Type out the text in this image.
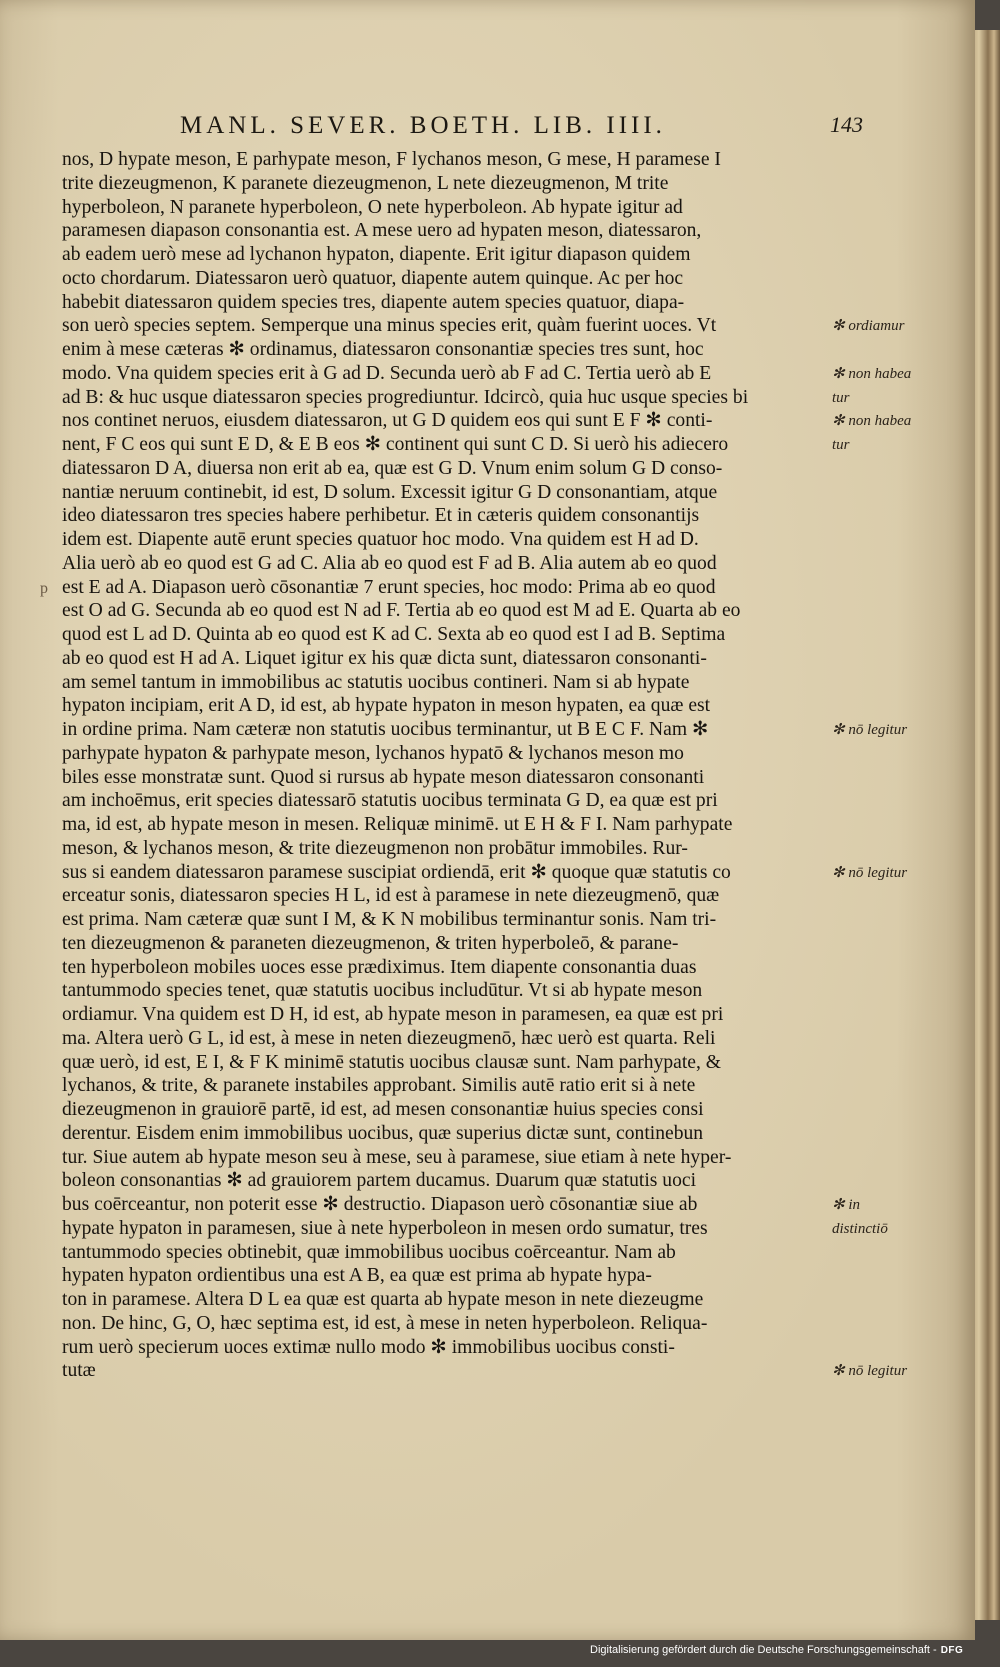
MANL. SEVER. BOETH. LIB. IIII.	143
p
nos, D hypate meson, E parhypate meson, F lychanos meson, G mese, H paramese I
trite diezeugmenon, K paranete diezeugmenon, L nete diezeugmenon, M trite
hyperboleon, N paranete hyperboleon, O nete hyperboleon. Ab hypate igitur ad
paramesen diapason consonantia est. A mese uero ad hypaten meson, diatessaron,
ab eadem uerò mese ad lychanon hypaton, diapente. Erit igitur diapason quidem
octo chordarum. Diatessaron uerò quatuor, diapente autem quinque. Ac per hoc
habebit diatessaron quidem species tres, diapente autem species quatuor, diapa-
son uerò species septem. Semperque una minus species erit, quàm fuerint uoces. Vt
enim à mese cæteras ✻ ordinamus, diatessaron consonantiæ species tres sunt, hoc
modo. Vna quidem species erit à G ad D. Secunda uerò ab F ad C. Tertia uerò ab E
ad B: & huc usque diatessaron species progrediuntur. Idcircò, quia huc usque species bi
nos continet neruos, eiusdem diatessaron, ut G D quidem eos qui sunt E F ✻ conti-
nent, F C eos qui sunt E D, & E B eos ✻ continent qui sunt C D. Si uerò his adiecero
diatessaron D A, diuersa non erit ab ea, quæ est G D. Vnum enim solum G D conso-
nantiæ neruum continebit, id est, D solum. Excessit igitur G D consonantiam, atque
ideo diatessaron tres species habere perhibetur. Et in cæteris quidem consonantijs
idem est. Diapente autē erunt species quatuor hoc modo. Vna quidem est H ad D.
Alia uerò ab eo quod est G ad C. Alia ab eo quod est F ad B. Alia autem ab eo quod
est E ad A. Diapason uerò cōsonantiæ 7 erunt species, hoc modo: Prima ab eo quod
est O ad G. Secunda ab eo quod est N ad F. Tertia ab eo quod est M ad E. Quarta ab eo
quod est L ad D. Quinta ab eo quod est K ad C. Sexta ab eo quod est I ad B. Septima
ab eo quod est H ad A. Liquet igitur ex his quæ dicta sunt, diatessaron consonanti-
am semel tantum in immobilibus ac statutis uocibus contineri. Nam si ab hypate
hypaton incipiam, erit A D, id est, ab hypate hypaton in meson hypaten, ea quæ est
in ordine prima. Nam cæteræ non statutis uocibus terminantur, ut B E C F. Nam ✻
parhypate hypaton & parhypate meson, lychanos hypatō & lychanos meson mo
biles esse monstratæ sunt. Quod si rursus ab hypate meson diatessaron consonanti
am inchoēmus, erit species diatessarō statutis uocibus terminata G D, ea quæ est pri
ma, id est, ab hypate meson in mesen. Reliquæ minimē. ut E H & F I. Nam parhypate
meson, & lychanos meson, & trite diezeugmenon non probātur immobiles. Rur-
sus si eandem diatessaron paramese suscipiat ordiendā, erit ✻ quoque quæ statutis co
erceatur sonis, diatessaron species H L, id est à paramese in nete diezeugmenō, quæ
est prima. Nam cæteræ quæ sunt I M, & K N mobilibus terminantur sonis. Nam tri-
ten diezeugmenon & paraneten diezeugmenon, & triten hyperboleō, & parane-
ten hyperboleon mobiles uoces esse prædiximus. Item diapente consonantia duas
tantummodo species tenet, quæ statutis uocibus includūtur. Vt si ab hypate meson
ordiamur. Vna quidem est D H, id est, ab hypate meson in paramesen, ea quæ est pri
ma. Altera uerò G L, id est, à mese in neten diezeugmenō, hæc uerò est quarta. Reli
quæ uerò, id est, E I, & F K minimē statutis uocibus clausæ sunt. Nam parhypate, &
lychanos, & trite, & paranete instabiles approbant. Similis autē ratio erit si à nete
diezeugmenon in grauiorē partē, id est, ad mesen consonantiæ huius species consi
derentur. Eisdem enim immobilibus uocibus, quæ superius dictæ sunt, continebun
tur. Siue autem ab hypate meson seu à mese, seu à paramese, siue etiam à nete hyper-
boleon consonantias ✻ ad grauiorem partem ducamus. Duarum quæ statutis uoci
bus coērceantur, non poterit esse ✻ destructio. Diapason uerò cōsonantiæ siue ab
hypate hypaton in paramesen, siue à nete hyperboleon in mesen ordo sumatur, tres
tantummodo species obtinebit, quæ immobilibus uocibus coērceantur. Nam ab
hypaten hypaton ordientibus una est A B, ea quæ est prima ab hypate hypa-
ton in paramese. Altera D L ea quæ est quarta ab hypate meson in nete diezeugme
non. De hinc, G, O, hæc septima est, id est, à mese in neten hyperboleon. Reliqua-
rum uerò specierum uoces extimæ nullo modo ✻ immobilibus uocibus consti-
tutæ
✻ ordiamur
✻ non habea
tur
✻ non habea
tur
✻ nō legitur
✻ nō legitur
✻ in
distinctiō
✻ nō legitur
Digitalisierung gefördert durch die Deutsche Forschungsgemeinschaft - DFG
